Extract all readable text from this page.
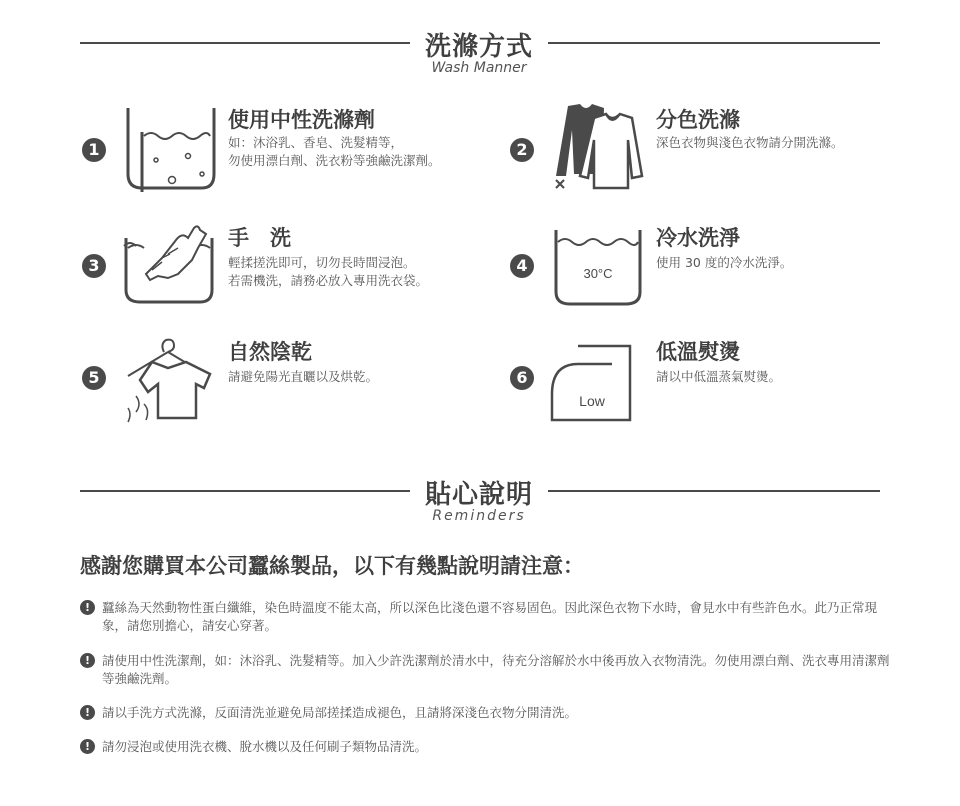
洗滌方式
Wash Manner
1
使用中性洗滌劑
如：沐浴乳、香皂、洗髮精等，
勿使用漂白劑、洗衣粉等強鹼洗潔劑。
2
分色洗滌
深色衣物與淺色衣物請分開洗滌。
3
手　洗
輕揉搓洗即可，切勿長時間浸泡。
若需機洗，請務必放入專用洗衣袋。
4	30°C
冷水洗淨
使用 30 度的冷水洗淨。
5
自然陰乾
請避免陽光直曬以及烘乾。	6
Low
低溫熨燙
請以中低溫蒸氣熨燙。
貼心說明
Reminders
感謝您購買本公司蠶絲製品，以下有幾點說明請注意：
! 蠶絲為天然動物性蛋白纖維，染色時溫度不能太高，所以深色比淺色還不容易固色。因此深色衣物下水時，會見水中有些許色水。此乃正常現象，請您別擔心，請安心穿著。
! 請使用中性洗潔劑，如：沐浴乳、洗髮精等。加入少許洗潔劑於清水中，待充分溶解於水中後再放入衣物清洗。勿使用漂白劑、洗衣專用清潔劑等強鹼洗劑。
! 請以手洗方式洗滌，反面清洗並避免局部搓揉造成褪色，且請將深淺色衣物分開清洗。
! 請勿浸泡或使用洗衣機、脫水機以及任何刷子類物品清洗。
